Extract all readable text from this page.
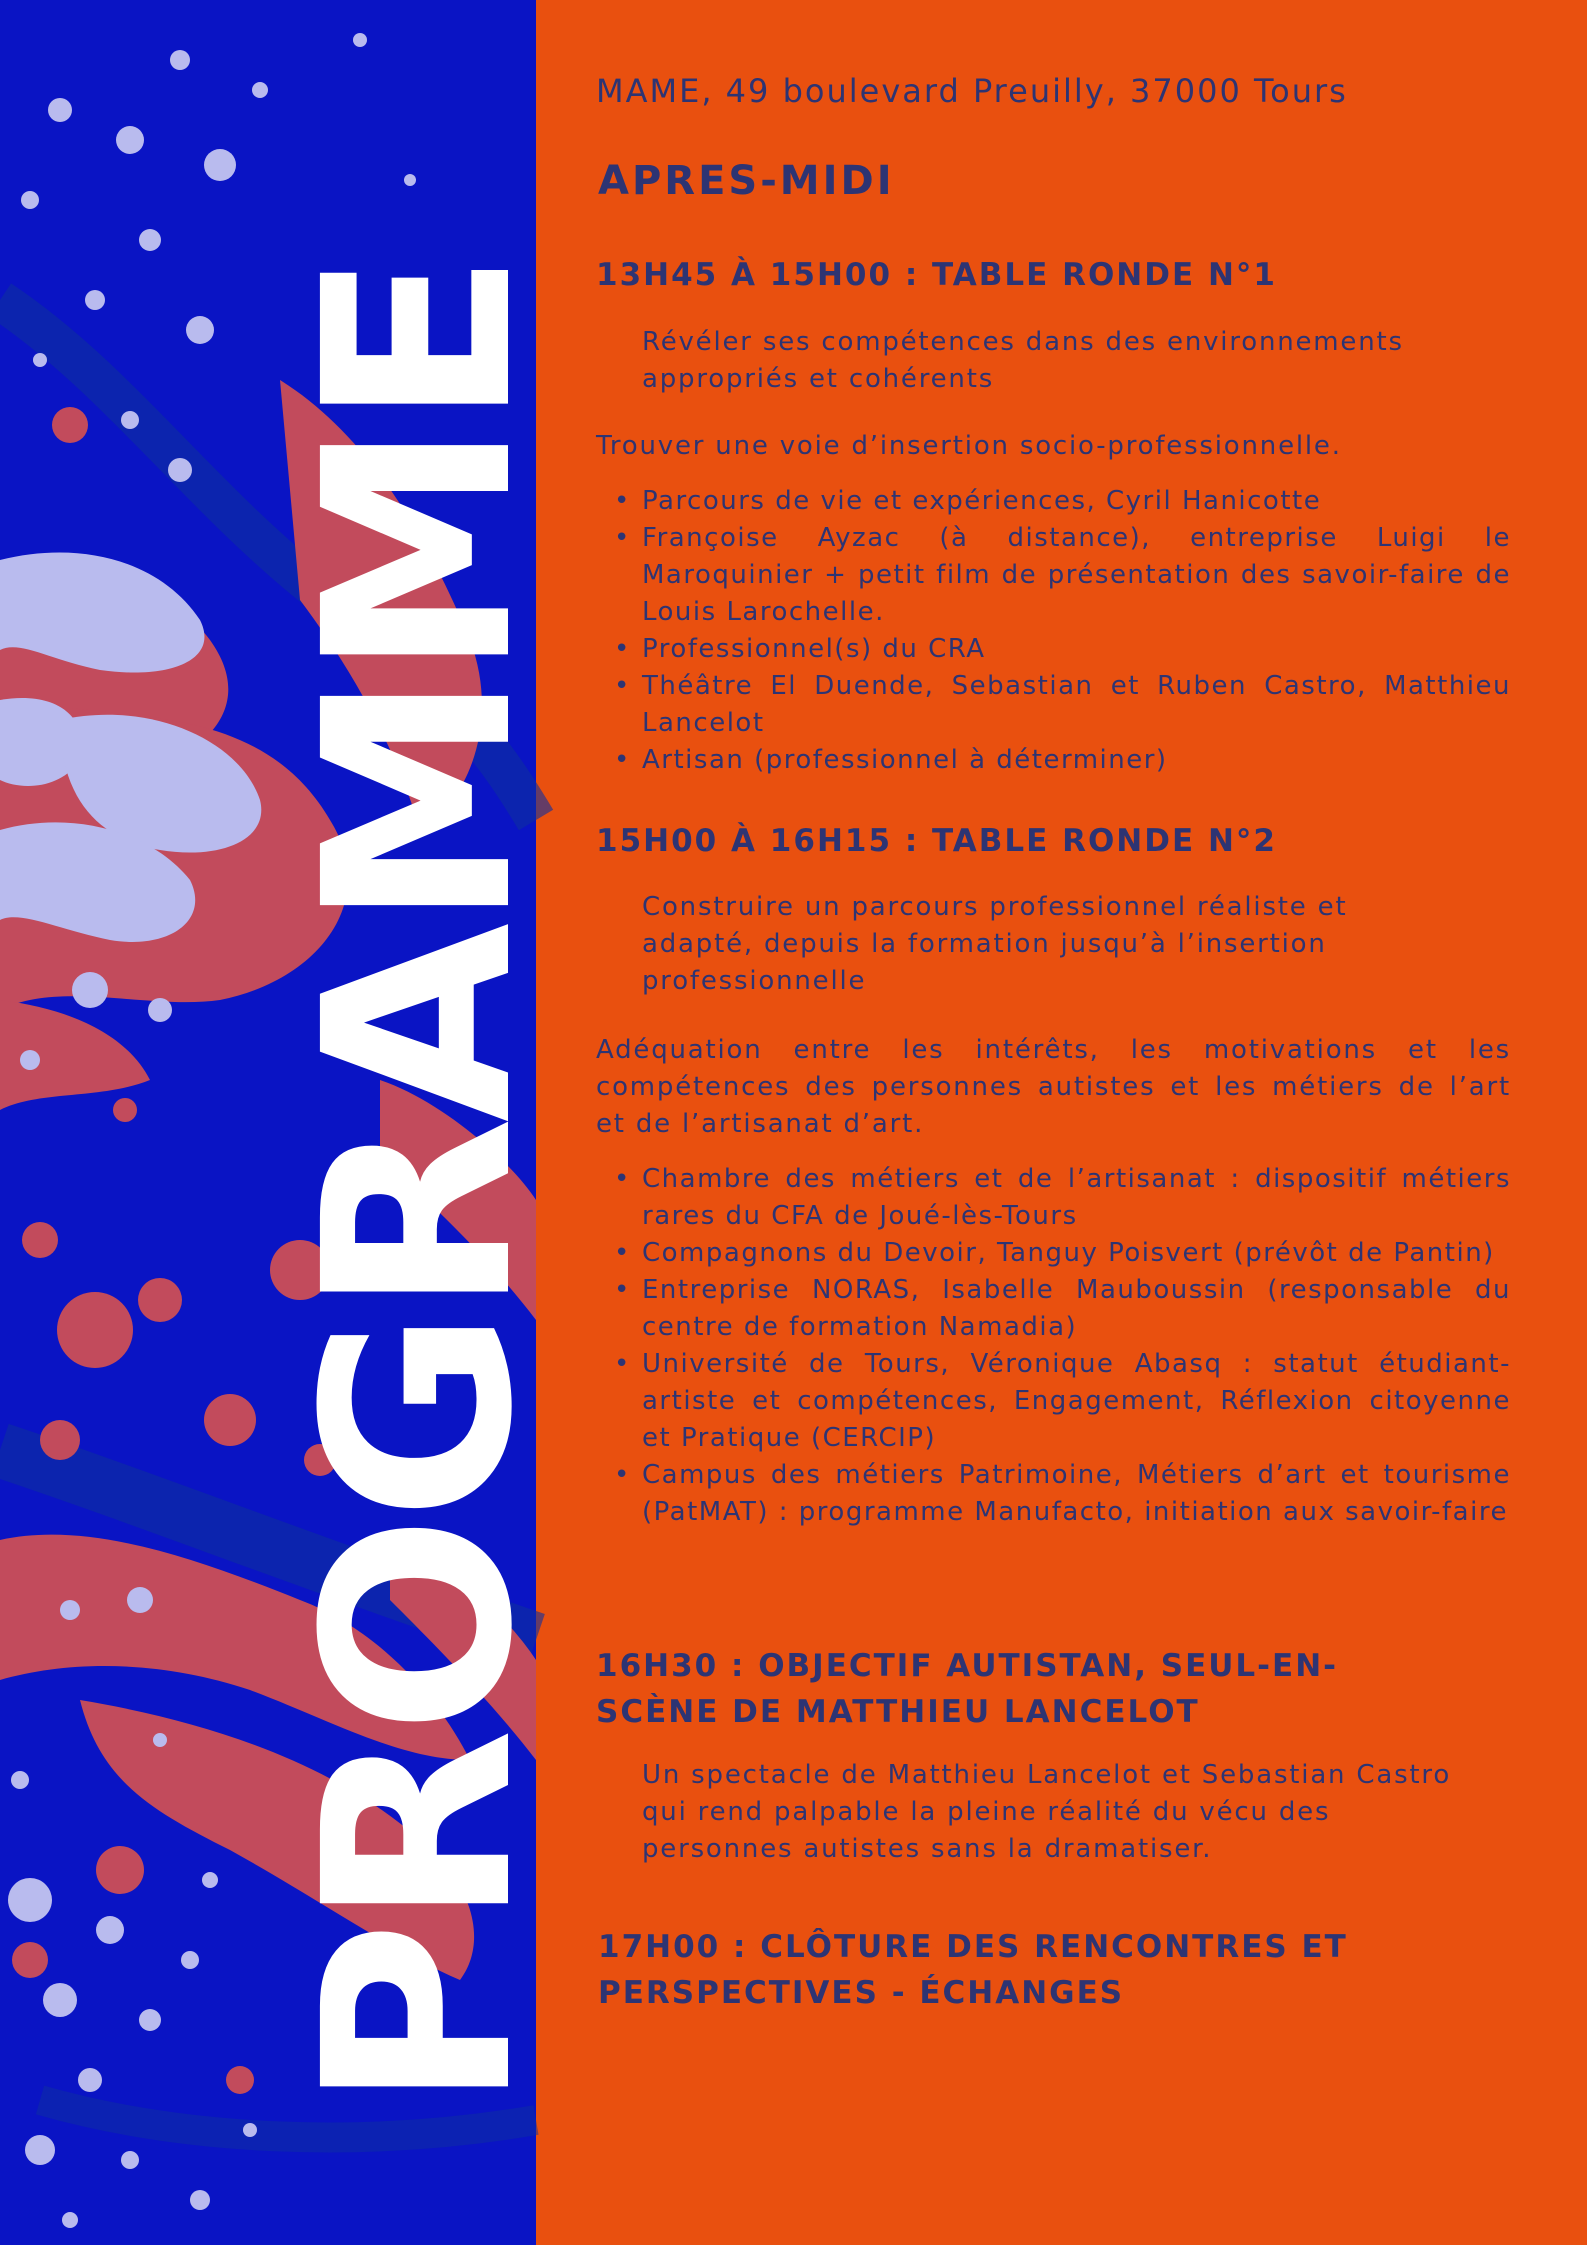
PROGRAMME
MAME, 49 boulevard Preuilly, 37000 Tours
APRES-MIDI
13H45 À 15H00 : TABLE RONDE N°1
Révéler ses compétences dans des environnements appropriés et cohérents
Trouver une voie d’insertion socio-professionnelle.
• Parcours de vie et expériences, Cyril Hanicotte
• Françoise Ayzac (à distance), entreprise Luigi le Maroquinier + petit film de présentation des savoir-faire de Louis Larochelle.
• Professionnel(s) du CRA
• Théâtre El Duende, Sebastian et Ruben Castro, Matthieu Lancelot
• Artisan (professionnel à déterminer)
15H00 À 16H15 : TABLE RONDE N°2
Construire un parcours professionnel réaliste et adapté, depuis la formation jusqu’à l’insertion professionnelle
Adéquation entre les intérêts, les motivations et les compétences des personnes autistes et les métiers de l’art et de l’artisanat d’art.
• Chambre des métiers et de l’artisanat : dispositif métiers rares du CFA de Joué-lès-Tours
• Compagnons du Devoir, Tanguy Poisvert (prévôt de Pantin)
• Entreprise NORAS, Isabelle Mauboussin (responsable du centre de formation Namadia)
• Université de Tours, Véronique Abasq : statut étudiant-artiste et compétences, Engagement, Réflexion citoyenne et Pratique (CERCIP)
• Campus des métiers Patrimoine, Métiers d’art et tourisme (PatMAT) : programme Manufacto, initiation aux savoir-faire
16H30 : OBJECTIF AUTISTAN, SEUL-EN-SCÈNE DE MATTHIEU LANCELOT
Un spectacle de Matthieu Lancelot et Sebastian Castro qui rend palpable la pleine réalité du vécu des personnes autistes sans la dramatiser.
17H00 : CLÔTURE DES RENCONTRES ET PERSPECTIVES - ÉCHANGES
